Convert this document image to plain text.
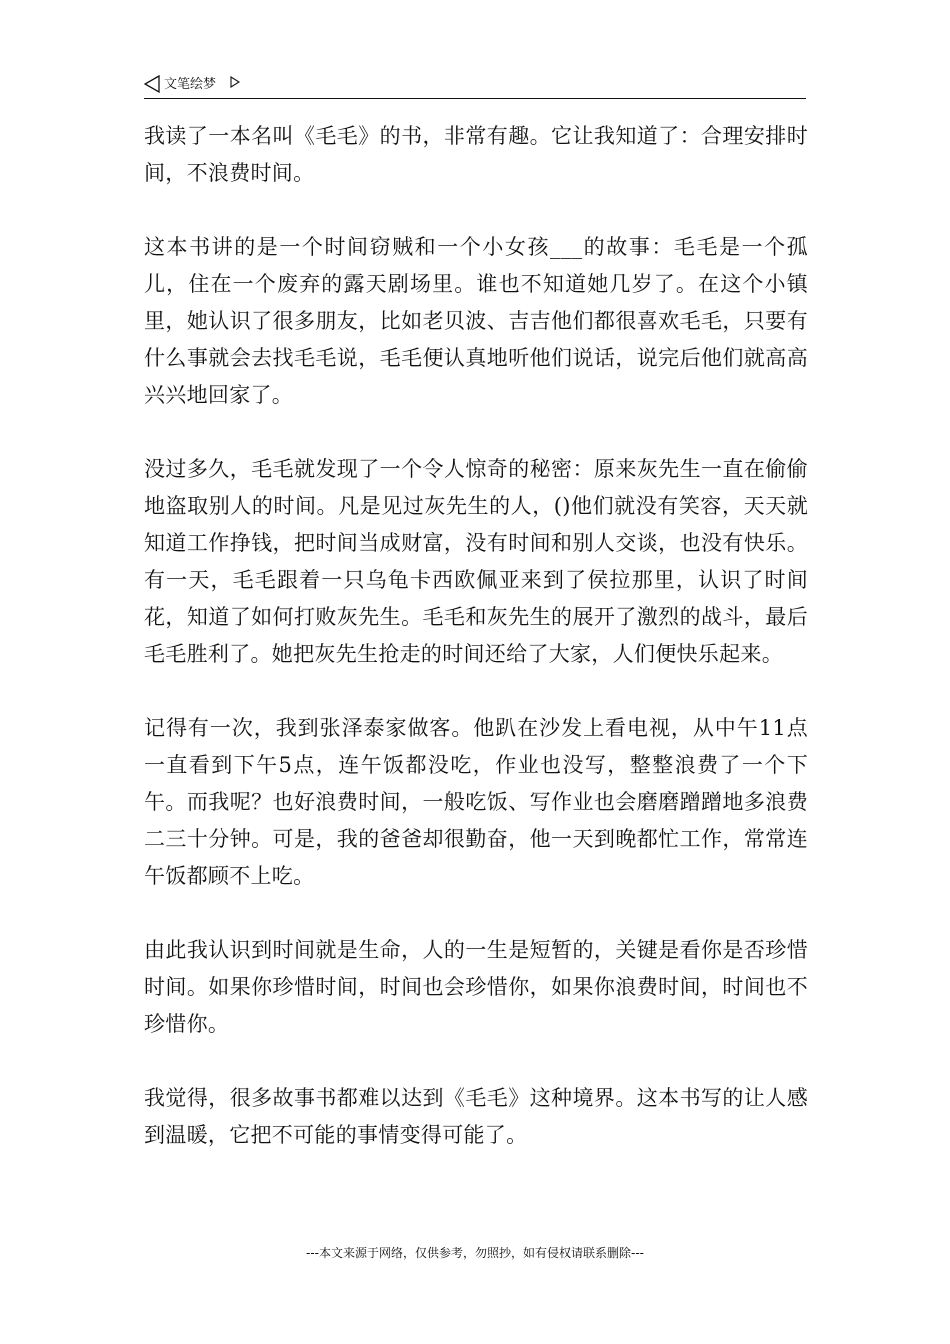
文笔绘梦

我读了一本名叫《毛毛》的书，非常有趣。它让我知道了：合理安排时间，不浪费时间。

这本书讲的是一个时间窃贼和一个小女孩___的故事：毛毛是一个孤儿，住在一个废弃的露天剧场里。谁也不知道她几岁了。在这个小镇里，她认识了很多朋友，比如老贝波、吉吉他们都很喜欢毛毛，只要有什么事就会去找毛毛说，毛毛便认真地听他们说话，说完后他们就高高兴兴地回家了。

没过多久，毛毛就发现了一个令人惊奇的秘密：原来灰先生一直在偷偷地盗取别人的时间。凡是见过灰先生的人，()他们就没有笑容，天天就知道工作挣钱，把时间当成财富，没有时间和别人交谈，也没有快乐。有一天，毛毛跟着一只乌龟卡西欧佩亚来到了侯拉那里，认识了时间花，知道了如何打败灰先生。毛毛和灰先生的展开了激烈的战斗，最后毛毛胜利了。她把灰先生抢走的时间还给了大家，人们便快乐起来。

记得有一次，我到张泽泰家做客。他趴在沙发上看电视，从中午11点一直看到下午5点，连午饭都没吃，作业也没写，整整浪费了一个下午。而我呢？也好浪费时间，一般吃饭、写作业也会磨磨蹭蹭地多浪费二三十分钟。可是，我的爸爸却很勤奋，他一天到晚都忙工作，常常连午饭都顾不上吃。

由此我认识到时间就是生命，人的一生是短暂的，关键是看你是否珍惜时间。如果你珍惜时间，时间也会珍惜你，如果你浪费时间，时间也不珍惜你。

我觉得，很多故事书都难以达到《毛毛》这种境界。这本书写的让人感到温暖，它把不可能的事情变得可能了。

---本文来源于网络，仅供参考，勿照抄，如有侵权请联系删除---
